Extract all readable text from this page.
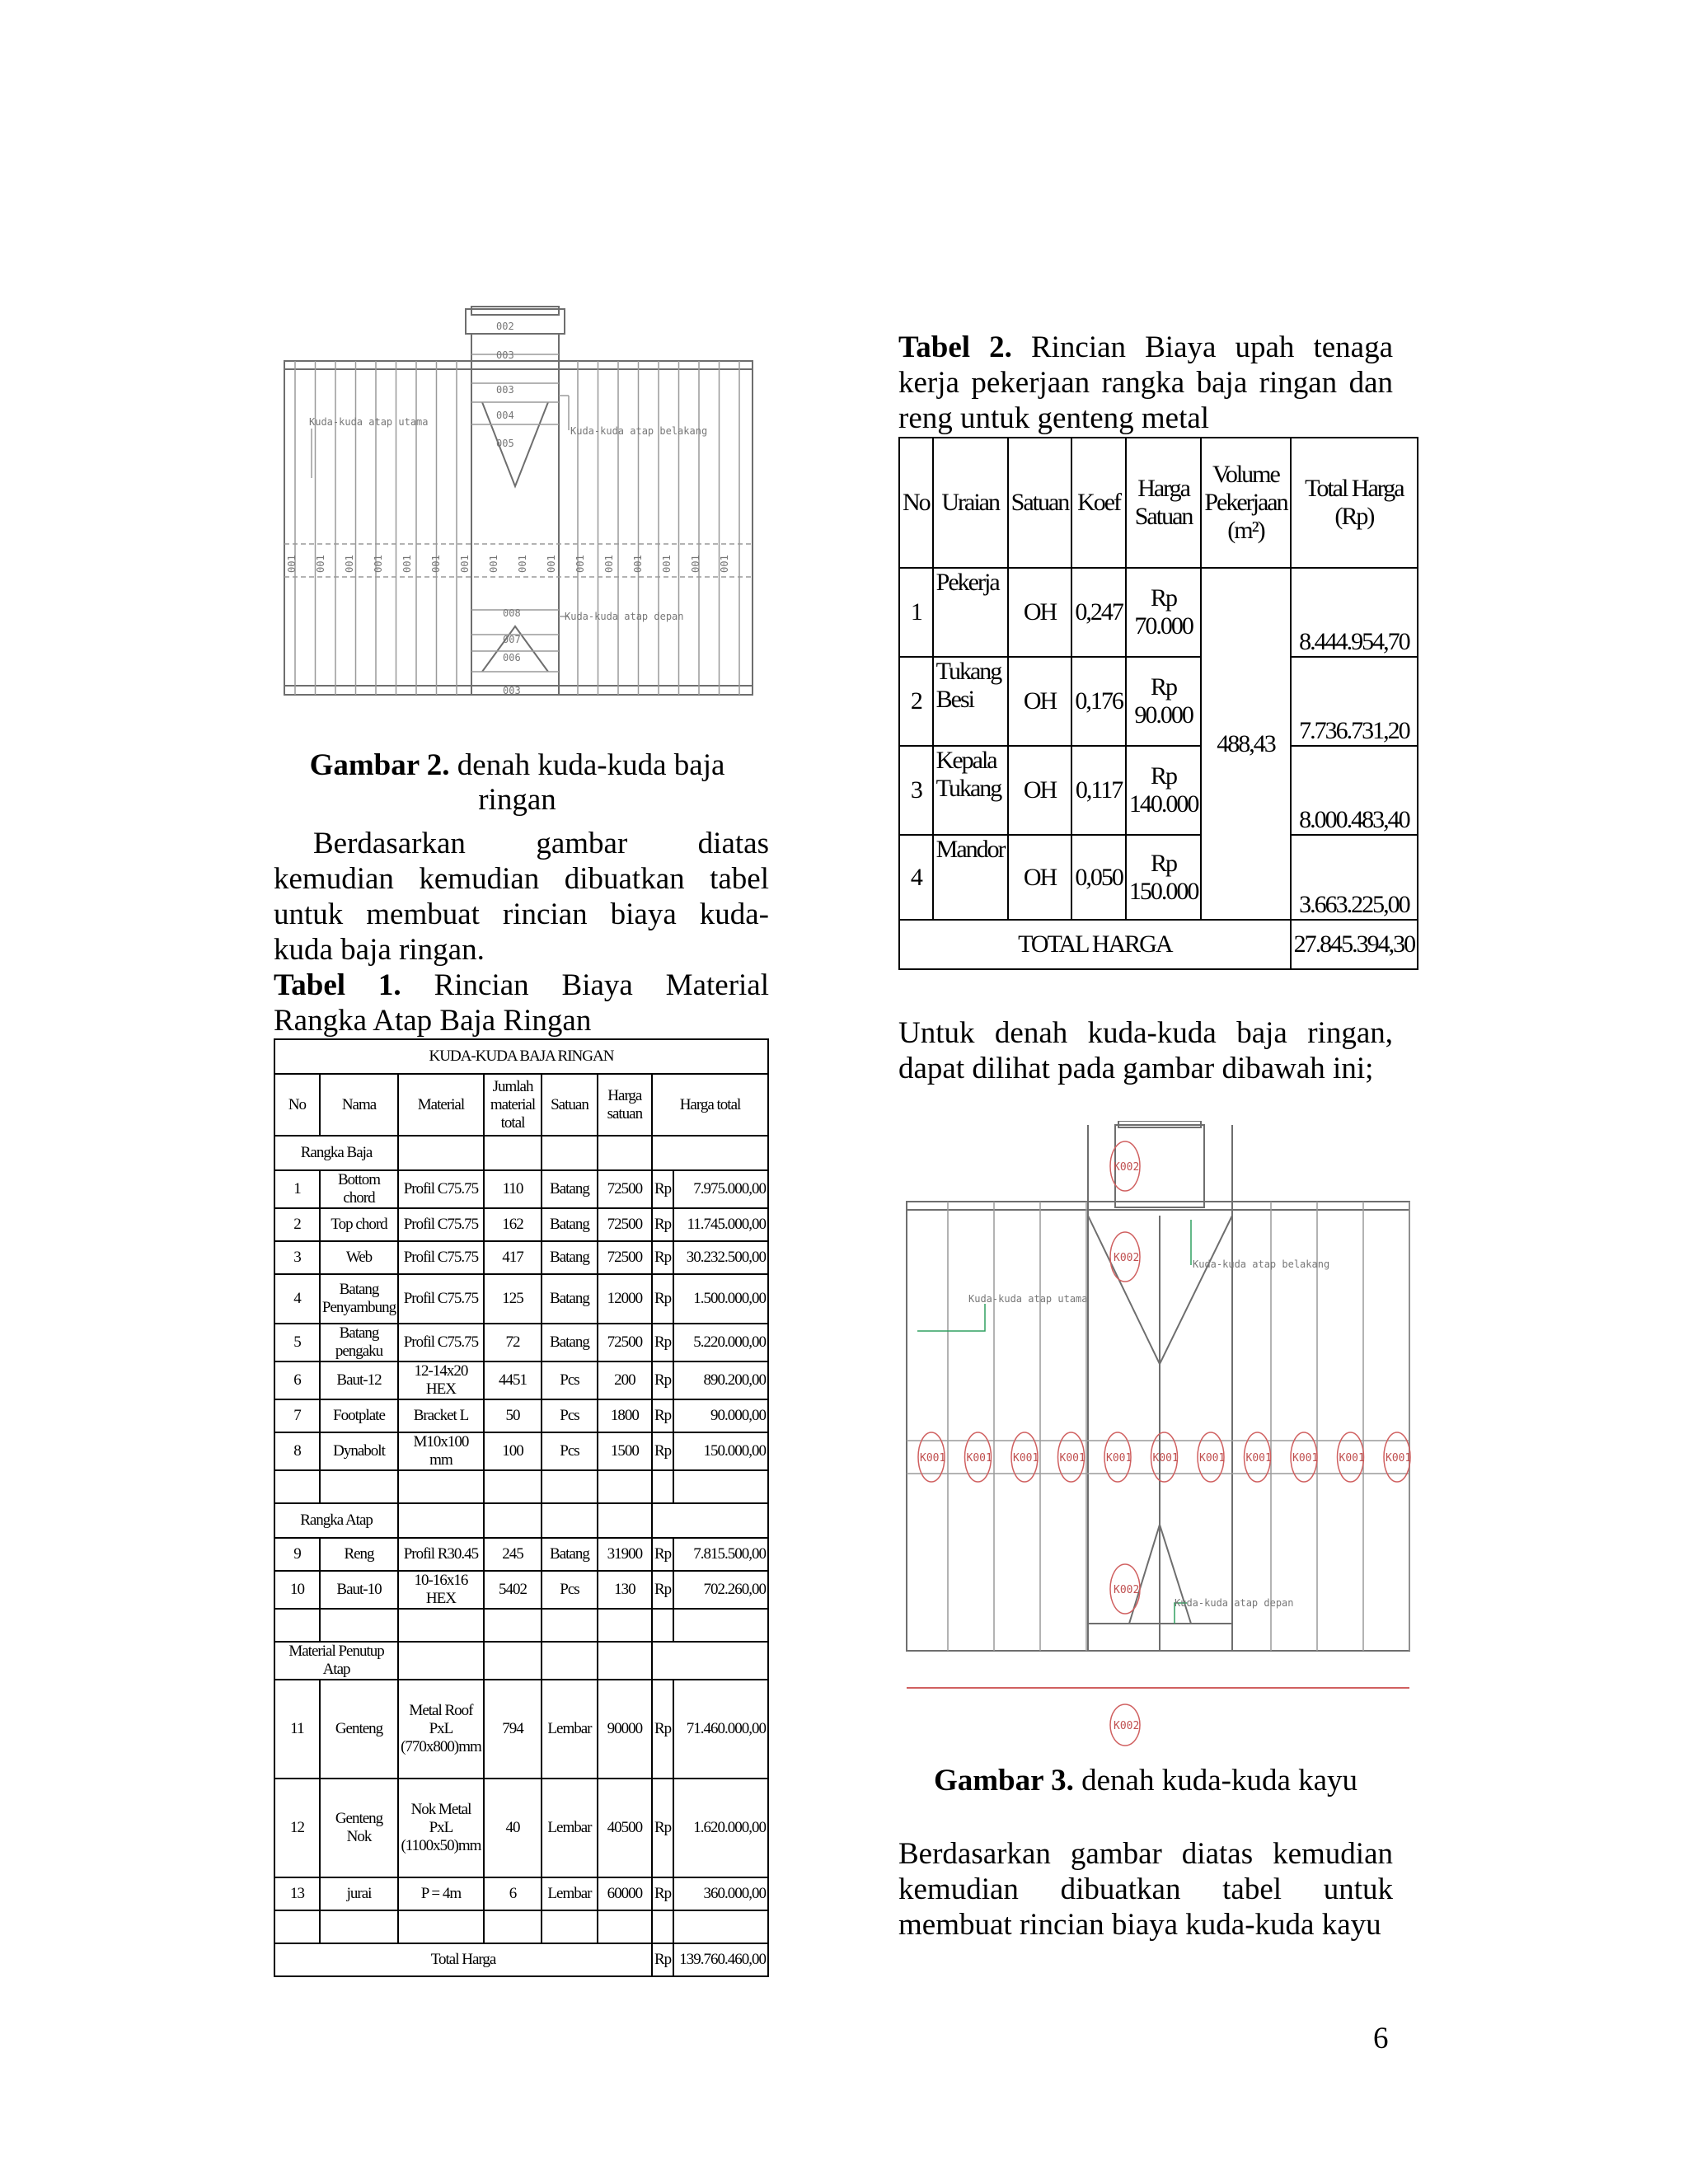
002
003
003
004
005
008
007
006
003
Kuda-kuda atap utama
Kuda-kuda atap belakang
Kuda-kuda atap depan
001 001 001 001 001 001 001 001 001 001 001 001 001 001 001 001
Gambar 2. denah kuda-kuda baja ringan
Berdasarkan gambar diatas
kemudian kemudian dibuatkan tabel
untuk membuat rincian biaya kuda-
kuda baja ringan.
Tabel 1. Rincian Biaya Material
Rangka Atap Baja Ringan
KUDA-KUDA BAJA RINGAN							
No	Nama	Material	Jumlah material total	Satuan	Harga satuan	Harga total	
Rangka Baja							
1	Bottom chord	Profil C75.75	110	Batang	72500	Rp	7.975.000,00
2	Top chord	Profil C75.75	162	Batang	72500	Rp	11.745.000,00
3	Web	Profil C75.75	417	Batang	72500	Rp	30.232.500,00
4	Batang Penyambung	Profil C75.75	125	Batang	12000	Rp	1.500.000,00
5	Batang pengaku	Profil C75.75	72	Batang	72500	Rp	5.220.000,00
6	Baut-12	12-14x20 HEX	4451	Pcs	200	Rp	890.200,00
7	Footplate	Bracket L	50	Pcs	1800	Rp	90.000,00
8	Dynabolt	M10x100 mm	100	Pcs	1500	Rp	150.000,00

Rangka Atap							
9	Reng	Profil R30.45	245	Batang	31900	Rp	7.815.500,00
10	Baut-10	10-16x16 HEX	5402	Pcs	130	Rp	702.260,00

Material Penutup Atap							
11	Genteng	Metal Roof PxL (770x800)mm	794	Lembar	90000	Rp	71.460.000,00
12	Genteng Nok	Nok Metal PxL (1100x50)mm	40	Lembar	40500	Rp	1.620.000,00
13	jurai	P = 4m	6	Lembar	60000	Rp	360.000,00

Total Harga						Rp	139.760.460,00
Tabel 2. Rincian Biaya upah tenaga
kerja pekerjaan rangka baja ringan dan
reng untuk genteng metal
No	Uraian	Satuan	Koef	Harga Satuan	Volume Pekerjaan (m²)	Total Harga (Rp)
1	Pekerja	OH	0,247	Rp 70.000	488,43	8.444.954,70
2	Tukang Besi	OH	0,176	Rp 90.000		7.736.731,20
3	Kepala Tukang	OH	0,117	Rp 140.000		8.000.483,40
4	Mandor	OH	0,050	Rp 150.000		3.663.225,00
TOTAL HARGA						27.845.394,30
Untuk denah kuda-kuda baja ringan,
dapat dilihat pada gambar dibawah ini;
K002
K002
K002
K002
K001 K001 K001 K001 K001 K001 K001 K001 K001 K001 K001
Kuda-kuda atap utama
Kuda-kuda atap belakang
Kuda-kuda atap depan
Gambar 3. denah kuda-kuda kayu
Berdasarkan gambar diatas kemudian
kemudian dibuatkan tabel untuk
membuat rincian biaya kuda-kuda kayu
6
